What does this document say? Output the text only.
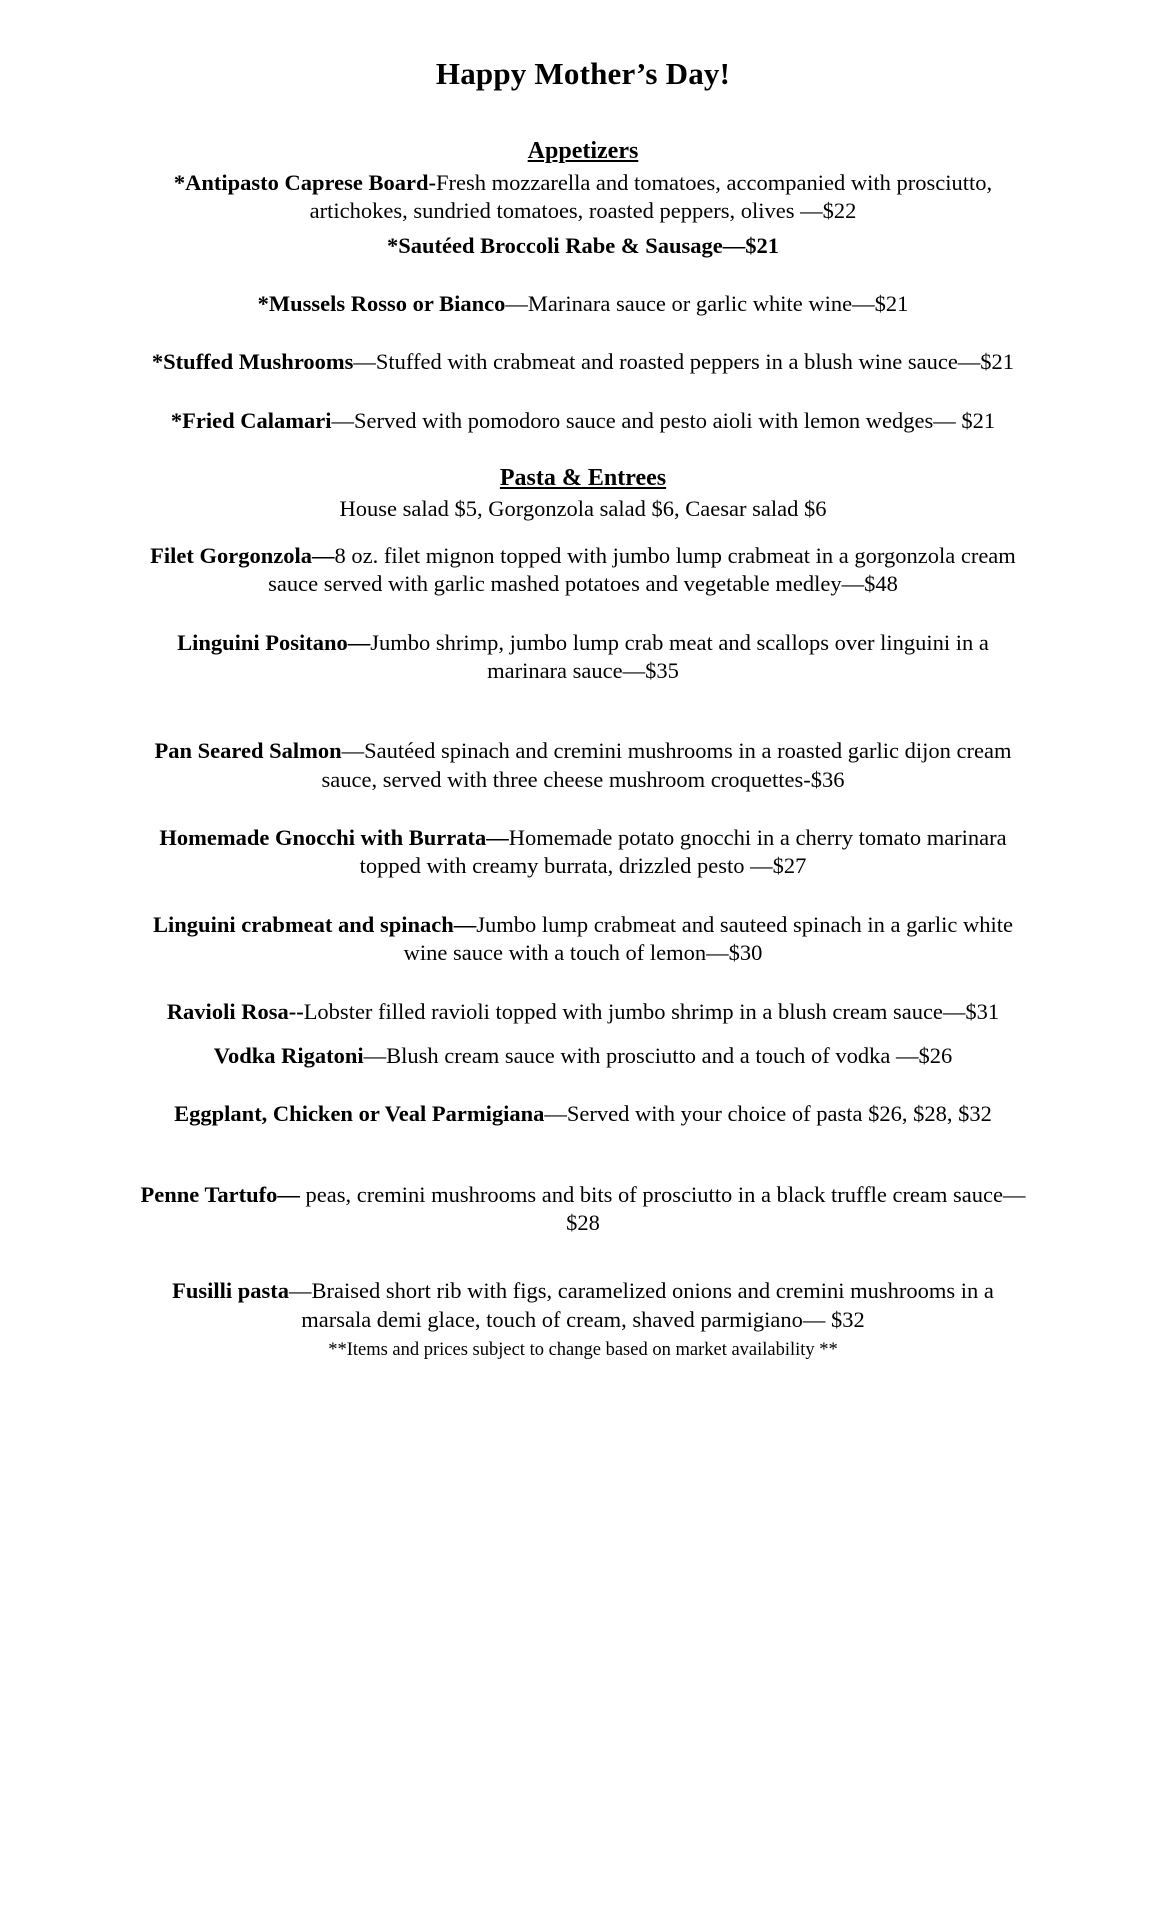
Happy Mother’s Day!
Appetizers

*Antipasto Caprese Board-Fresh mozzarella and tomatoes, accompanied with prosciutto, artichokes, sundried tomatoes, roasted peppers, olives —$22

*Sautéed Broccoli Rabe & Sausage—$21

*Mussels Rosso or Bianco—Marinara sauce or garlic white wine—$21

*Stuffed Mushrooms—Stuffed with crabmeat and roasted peppers in a blush wine sauce—$21

*Fried Calamari—Served with pomodoro sauce and pesto aioli with lemon wedges— $21

Pasta & Entrees

House salad $5, Gorgonzola salad $6, Caesar salad $6

Filet Gorgonzola—8 oz. filet mignon topped with jumbo lump crabmeat in a gorgonzola cream sauce served with garlic mashed potatoes and vegetable medley—$48

Linguini Positano—Jumbo shrimp, jumbo lump crab meat and scallops over linguini in a marinara sauce—$35

Pan Seared Salmon—Sautéed spinach and cremini mushrooms in a roasted garlic dijon cream sauce, served with three cheese mushroom croquettes-$36

Homemade Gnocchi with Burrata—Homemade potato gnocchi in a cherry tomato marinara topped with creamy burrata, drizzled pesto —$27

Linguini crabmeat and spinach—Jumbo lump crabmeat and sauteed spinach in a garlic white wine sauce with a touch of lemon—$30

Ravioli Rosa--Lobster filled ravioli topped with jumbo shrimp in a blush cream sauce—$31

Vodka Rigatoni—Blush cream sauce with prosciutto and a touch of vodka —$26

Eggplant, Chicken or Veal Parmigiana—Served with your choice of pasta $26, $28, $32

Penne Tartufo— peas, cremini mushrooms and bits of prosciutto in a black truffle cream sauce—$28

Fusilli pasta—Braised short rib with figs, caramelized onions and cremini mushrooms in a marsala demi glace, touch of cream, shaved parmigiano— $32

**Items and prices subject to change based on market availability **
